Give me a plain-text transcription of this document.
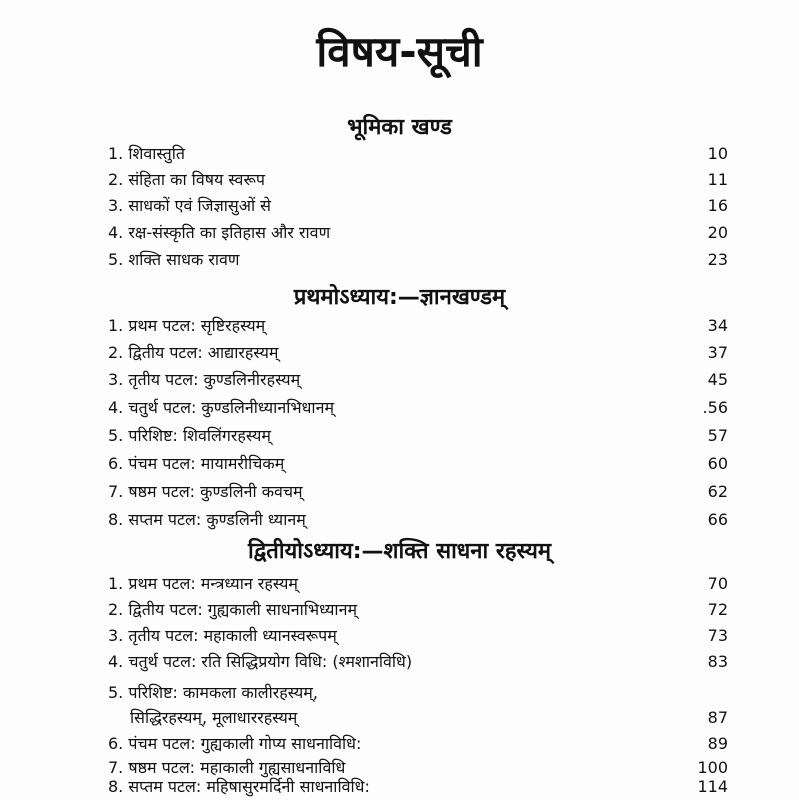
विषय-सूची
भूमिका खण्ड
1. शिवास्तुति	10
2. संहिता का विषय स्वरूप	11
3. साधकों एवं जिज्ञासुओं से	16
4. रक्ष-संस्कृति का इतिहास और रावण	20
5. शक्ति साधक रावण	23
प्रथमोऽध्याय:—ज्ञानखण्डम्
1. प्रथम पटल: सृष्टिरहस्यम्	34
2. द्वितीय पटल: आद्यारहस्यम्	37
3. तृतीय पटल: कुण्डलिनीरहस्यम्	45
4. चतुर्थ पटल: कुण्डलिनीध्यानभिधानम्	.56
5. परिशिष्ट: शिवलिंगरहस्यम्	57
6. पंचम पटल: मायामरीचिकम्	60
7. षष्ठम पटल: कुण्डलिनी कवचम्	62
8. सप्तम पटल: कुण्डलिनी ध्यानम्	66
द्वितीयोऽध्याय:—शक्ति साधना रहस्यम्
1. प्रथम पटल: मन्त्रध्यान रहस्यम्	70
2. द्वितीय पटल: गुह्यकाली साधनाभिध्यानम्	72
3. तृतीय पटल: महाकाली ध्यानस्वरूपम्	73
4. चतुर्थ पटल: रति सिद्धिप्रयोग विधि: (श्मशानविधि)	83
5. परिशिष्ट: कामकला कालीरहस्यम्,
सिद्धिरहस्यम्, मूलाधाररहस्यम्	87
6. पंचम पटल: गुह्यकाली गोप्य साधनाविधि:	89
7. षष्ठम पटल: महाकाली गुह्यसाधनाविधि	100
8. सप्तम पटल: महिषासुरमर्दिनी साधनाविधि:	114
